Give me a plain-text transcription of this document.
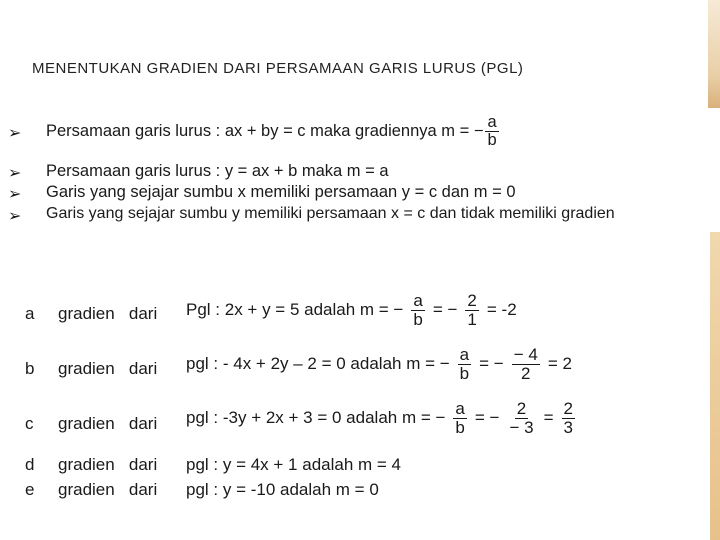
MENENTUKAN GRADIEN DARI PERSAMAAN GARIS LURUS (PGL)
➢ Persamaan garis lurus : ax + by = c maka gradiennya m = − $\frac{a}{b}$
➢ Persamaan garis lurus : y = ax + b maka m = a
➢ Garis yang sejajar sumbu x memiliki persamaan y = c dan m = 0
➢ Garis yang sejajar sumbu y memiliki persamaan x = c dan tidak memiliki gradien
a gradien dari Pgl : 2x + y = 5 adalah m = − $\frac{a}{b}$ = − $\frac{2}{1} = -2$
b gradien dari pgl : - 4x + 2y – 2 = 0 adalah m = − $\frac{a}{b}$ = − $\frac{- 4}{2} = 2$
c gradien dari pgl : -3y + 2x + 3 = 0 adalah m = − $\frac{a}{b}$ = − $\frac{2}{- 3} = \frac{2}{3}$
d gradien dari pgl : y = 4x + 1 adalah m = 4
e gradien dari pgl : y = -10 adalah m = 0
